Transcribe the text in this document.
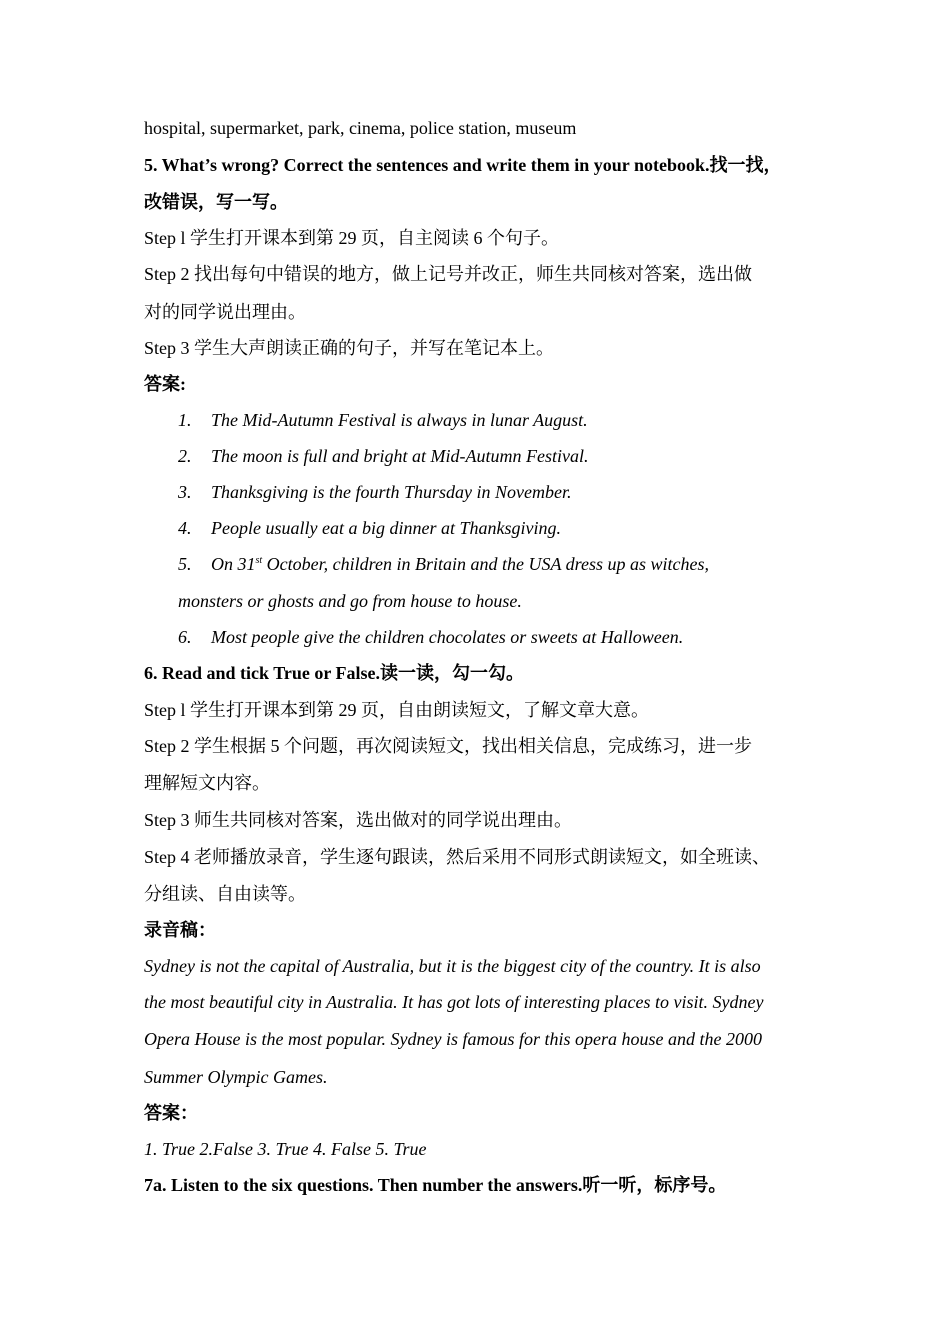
hospital, supermarket, park, cinema, police station, museum
5. What’s wrong? Correct the sentences and write them in your notebook.找一找，
改错误，写一写。
Step l 学生打开课本到第 29 页，自主阅读 6 个句子。
Step 2 找出每句中错误的地方，做上记号并改正，师生共同核对答案，选出做
对的同学说出理由。
Step 3 学生大声朗读正确的句子，并写在笔记本上。
答案:
1. The Mid-Autumn Festival is always in lunar August.
2. The moon is full and bright at Mid-Autumn Festival.
3. Thanksgiving is the fourth Thursday in November.
4. People usually eat a big dinner at Thanksgiving.
5. On 31st October, children in Britain and the USA dress up as witches,
monsters or ghosts and go from house to house.
6. Most people give the children chocolates or sweets at Halloween.
6. Read and tick True or False.读一读，勾一勾。
Step l 学生打开课本到第 29 页，自由朗读短文，了解文章大意。
Step 2 学生根据 5 个问题，再次阅读短文，找出相关信息，完成练习，进一步
理解短文内容。
Step 3 师生共同核对答案，选出做对的同学说出理由。
Step 4 老师播放录音，学生逐句跟读，然后采用不同形式朗读短文，如全班读、
分组读、自由读等。
录音稿：
Sydney is not the capital of Australia, but it is the biggest city of the country. It is also
the most beautiful city in Australia. It has got lots of interesting places to visit. Sydney
Opera House is the most popular. Sydney is famous for this opera house and the 2000
Summer Olympic Games.
答案：
1. True 2.False 3. True 4. False 5. True
7a. Listen to the six questions. Then number the answers.听一听，标序号。
